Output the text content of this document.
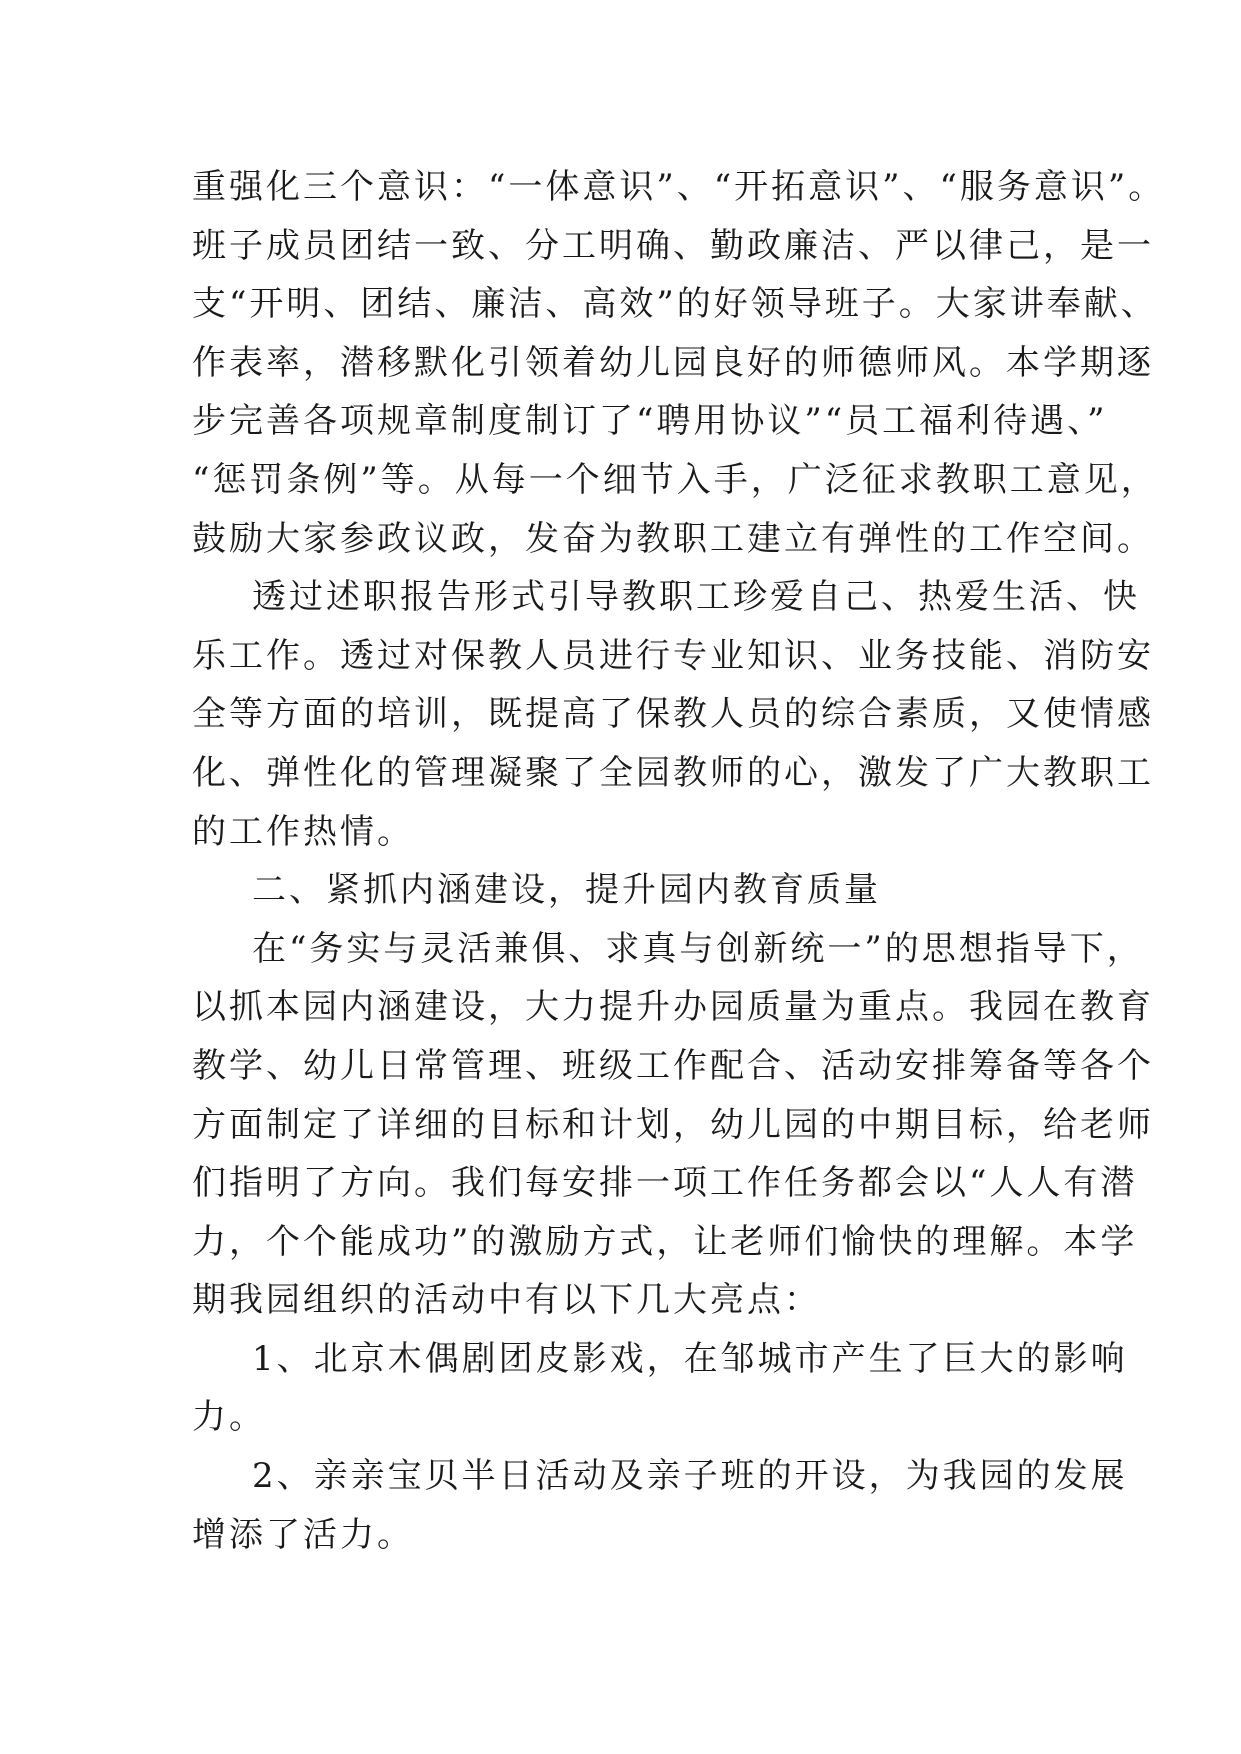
重强化三个意识：“一体意识”、“开拓意识”、“服务意识”。
班子成员团结一致、分工明确、勤政廉洁、严以律己，是一
支“开明、团结、廉洁、高效”的好领导班子。大家讲奉献、
作表率，潜移默化引领着幼儿园良好的师德师风。本学期逐
步完善各项规章制度制订了“聘用协议”“员工福利待遇、”
“惩罚条例”等。从每一个细节入手，广泛征求教职工意见，
鼓励大家参政议政，发奋为教职工建立有弹性的工作空间。
透过述职报告形式引导教职工珍爱自己、热爱生活、快
乐工作。透过对保教人员进行专业知识、业务技能、消防安
全等方面的培训，既提高了保教人员的综合素质，又使情感
化、弹性化的管理凝聚了全园教师的心，激发了广大教职工
的工作热情。
二、紧抓内涵建设，提升园内教育质量
在“务实与灵活兼俱、求真与创新统一”的思想指导下，
以抓本园内涵建设，大力提升办园质量为重点。我园在教育
教学、幼儿日常管理、班级工作配合、活动安排筹备等各个
方面制定了详细的目标和计划，幼儿园的中期目标，给老师
们指明了方向。我们每安排一项工作任务都会以“人人有潜
力，个个能成功”的激励方式，让老师们愉快的理解。本学
期我园组织的活动中有以下几大亮点：
1、北京木偶剧团皮影戏，在邹城市产生了巨大的影响
力。
2、亲亲宝贝半日活动及亲子班的开设，为我园的发展
增添了活力。
